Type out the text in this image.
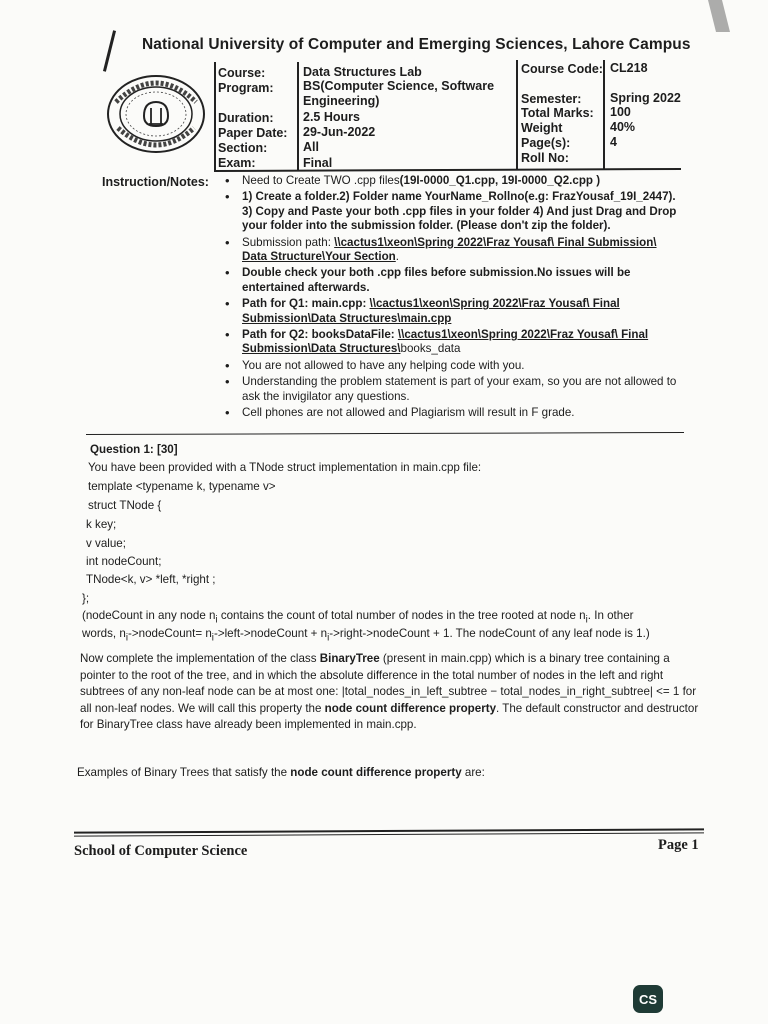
National University of Computer and Emerging Sciences, Lahore Campus
Course:
Program:
Duration:
Paper Date:
Section:
Exam:
Data Structures Lab
BS(Computer Science, Software
Engineering)
2.5 Hours
29-Jun-2022
All
Final
Course Code:
Semester:
Total Marks:
Weight
Page(s):
Roll No:
CL218
Spring 2022
100
40%
4
Instruction/Notes:
•	Need to Create TWO .cpp files(19I-0000_Q1.cpp, 19I-0000_Q2.cpp )
• 1) Create a folder.2) Folder name YourName_Rollno(e.g: FrazYousaf_19I_2447). 3) Copy and Paste your both .cpp files in your folder 4) And just Drag and Drop your folder into the submission folder. (Please don't zip the folder).
• Submission path: \\cactus1\xeon\Spring 2022\Fraz Yousaf\ Final Submission\ Data Structure\Your Section.
• Double check your both .cpp files before submission.No issues will be entertained afterwards.
• Path for Q1: main.cpp: \\cactus1\xeon\Spring 2022\Fraz Yousaf\ Final Submission\Data Structures\main.cpp
• Path for Q2: booksDataFile: \\cactus1\xeon\Spring 2022\Fraz Yousaf\ Final Submission\Data Structures\books_data
• You are not allowed to have any helping code with you.
• Understanding the problem statement is part of your exam, so you are not allowed to ask the invigilator any questions.
• Cell phones are not allowed and Plagiarism will result in F grade.
Question 1: [30]
You have been provided with a TNode struct implementation in main.cpp file:
template <typename k, typename v>
struct TNode {
k key;
v value;
int nodeCount;
TNode<k, v> *left, *right ;
};
(nodeCount in any node $n_i$ contains the count of total number of nodes in the tree rooted at node $n_i$. In other
words, $n_i->nodeCount=$ $n_i->left->nodeCount$ + $n_i->right->nodeCount + 1$. The nodeCount of any leaf node is 1.)
Now complete the implementation of the class BinaryTree (present in main.cpp) which is a binary tree containing a pointer to the root of the tree, and in which the absolute difference in the total number of nodes in the left and right subtrees of any non-leaf node can be at most one: |total_nodes_in_left_subtree − total_nodes_in_right_subtree| <= 1 for all non-leaf nodes. We will call this property the node count difference property. The default constructor and destructor for BinaryTree class have already been implemented in main.cpp.
Examples of Binary Trees that satisfy the node count difference property are:
School of Computer Science	Page 1
CS
